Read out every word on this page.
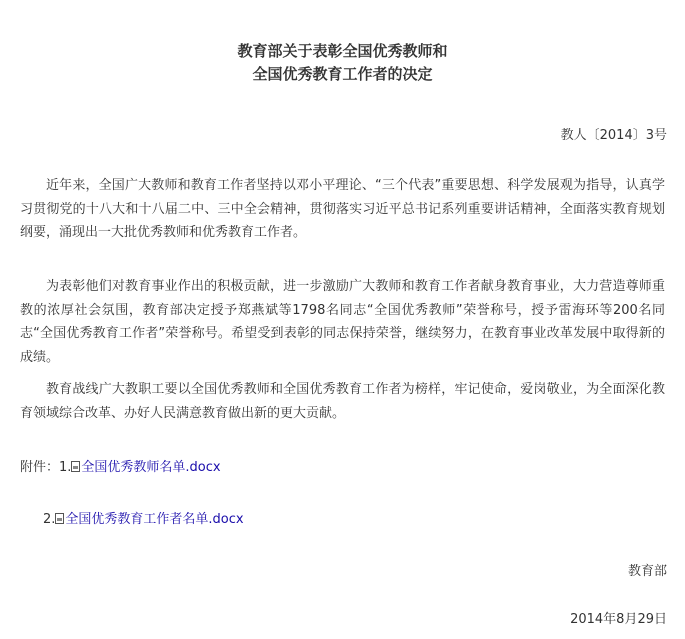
教育部关于表彰全国优秀教师和
全国优秀教育工作者的决定
教人〔2014〕3号

近年来，全国广大教师和教育工作者坚持以邓小平理论、“三个代表”重要思想、科学发展观为指导，认真学习贯彻党的十八大和十八届二中、三中全会精神，贯彻落实习近平总书记系列重要讲话精神，全面落实教育规划纲要，涌现出一大批优秀教师和优秀教育工作者。

为表彰他们对教育事业作出的积极贡献，进一步激励广大教师和教育工作者献身教育事业，大力营造尊师重教的浓厚社会氛围，教育部决定授予郑燕斌等1798名同志“全国优秀教师”荣誉称号，授予雷海环等200名同志“全国优秀教育工作者”荣誉称号。希望受到表彰的同志保持荣誉，继续努力，在教育事业改革发展中取得新的成绩。

教育战线广大教职工要以全国优秀教师和全国优秀教育工作者为榜样，牢记使命，爱岗敬业，为全面深化教育领域综合改革、办好人民满意教育做出新的更大贡献。

附件：1. 全国优秀教师名单.docx
2. 全国优秀教育工作者名单.docx
教育部
2014年8月29日
